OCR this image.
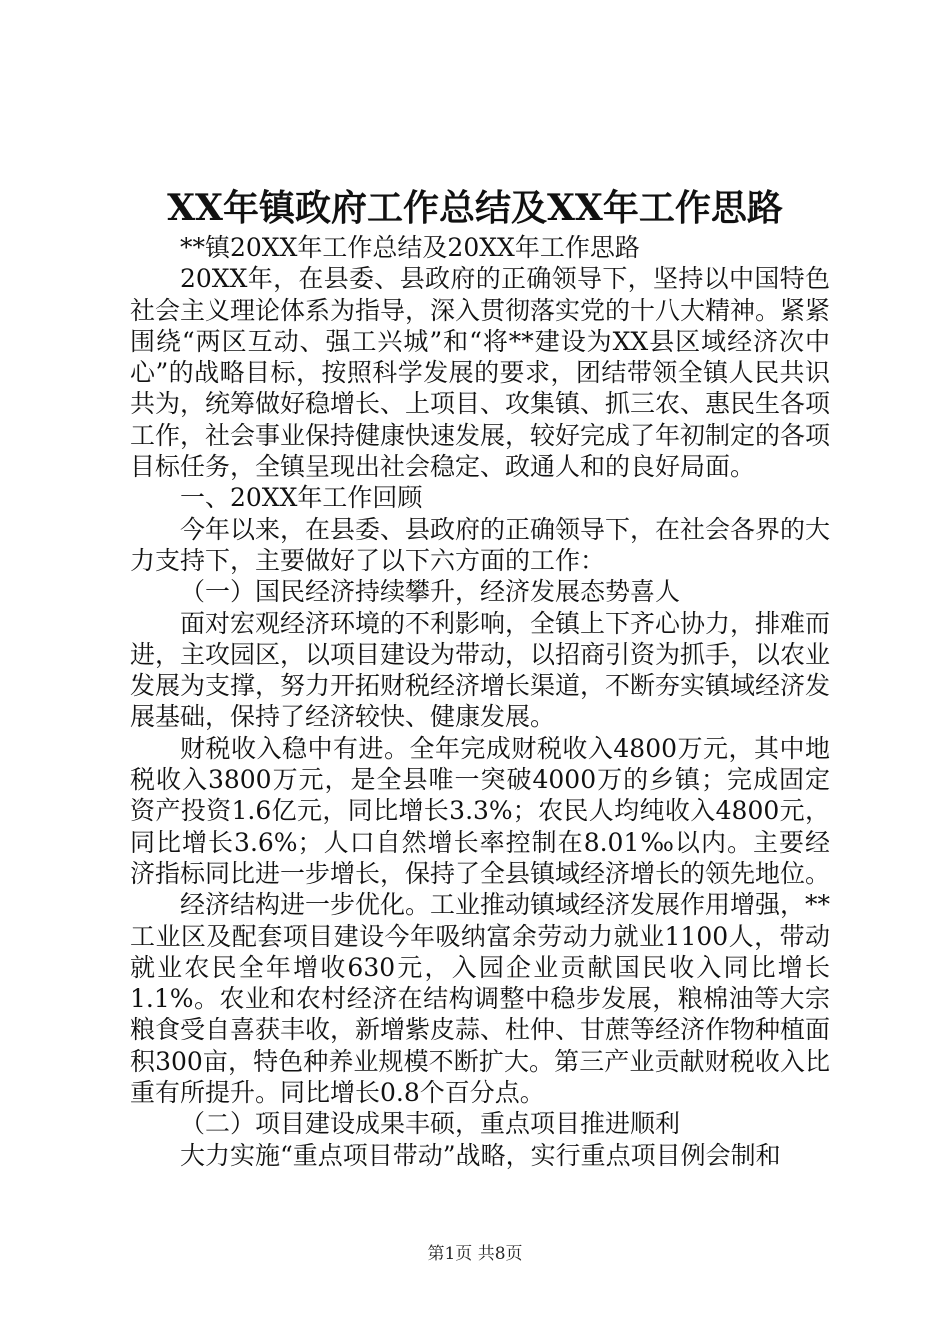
XX年镇政府工作总结及XX年工作思路

**镇20XX年工作总结及20XX年工作思路

20XX年，在县委、县政府的正确领导下，坚持以中国特色社会主义理论体系为指导，深入贯彻落实党的十八大精神。紧紧围绕“两区互动、强工兴城”和“将**建设为XX县区域经济次中心”的战略目标，按照科学发展的要求，团结带领全镇人民共识共为，统筹做好稳增长、上项目、攻集镇、抓三农、惠民生各项工作，社会事业保持健康快速发展，较好完成了年初制定的各项目标任务，全镇呈现出社会稳定、政通人和的良好局面。

一、20XX年工作回顾

今年以来，在县委、县政府的正确领导下，在社会各界的大力支持下，主要做好了以下六方面的工作：

（一）国民经济持续攀升，经济发展态势喜人

面对宏观经济环境的不利影响，全镇上下齐心协力，排难而进，主攻园区，以项目建设为带动，以招商引资为抓手，以农业发展为支撑，努力开拓财税经济增长渠道，不断夯实镇域经济发展基础，保持了经济较快、健康发展。

财税收入稳中有进。全年完成财税收入4800万元，其中地税收入3800万元，是全县唯一突破4000万的乡镇；完成固定资产投资1.6亿元，同比增长3.3%；农民人均纯收入4800元，同比增长3.6%；人口自然增长率控制在8.01‰以内。主要经济指标同比进一步增长，保持了全县镇域经济增长的领先地位。

经济结构进一步优化。工业推动镇域经济发展作用增强，**工业区及配套项目建设今年吸纳富余劳动力就业1100人，带动就业农民全年增收630元，入园企业贡献国民收入同比增长1.1%。农业和农村经济在结构调整中稳步发展，粮棉油等大宗粮食受自喜获丰收，新增紫皮蒜、杜仲、甘蔗等经济作物种植面积300亩，特色种养业规模不断扩大。第三产业贡献财税收入比重有所提升。同比增长0.8个百分点。

（二）项目建设成果丰硕，重点项目推进顺利

大力实施“重点项目带动”战略，实行重点项目例会制和

第1页 共8页
